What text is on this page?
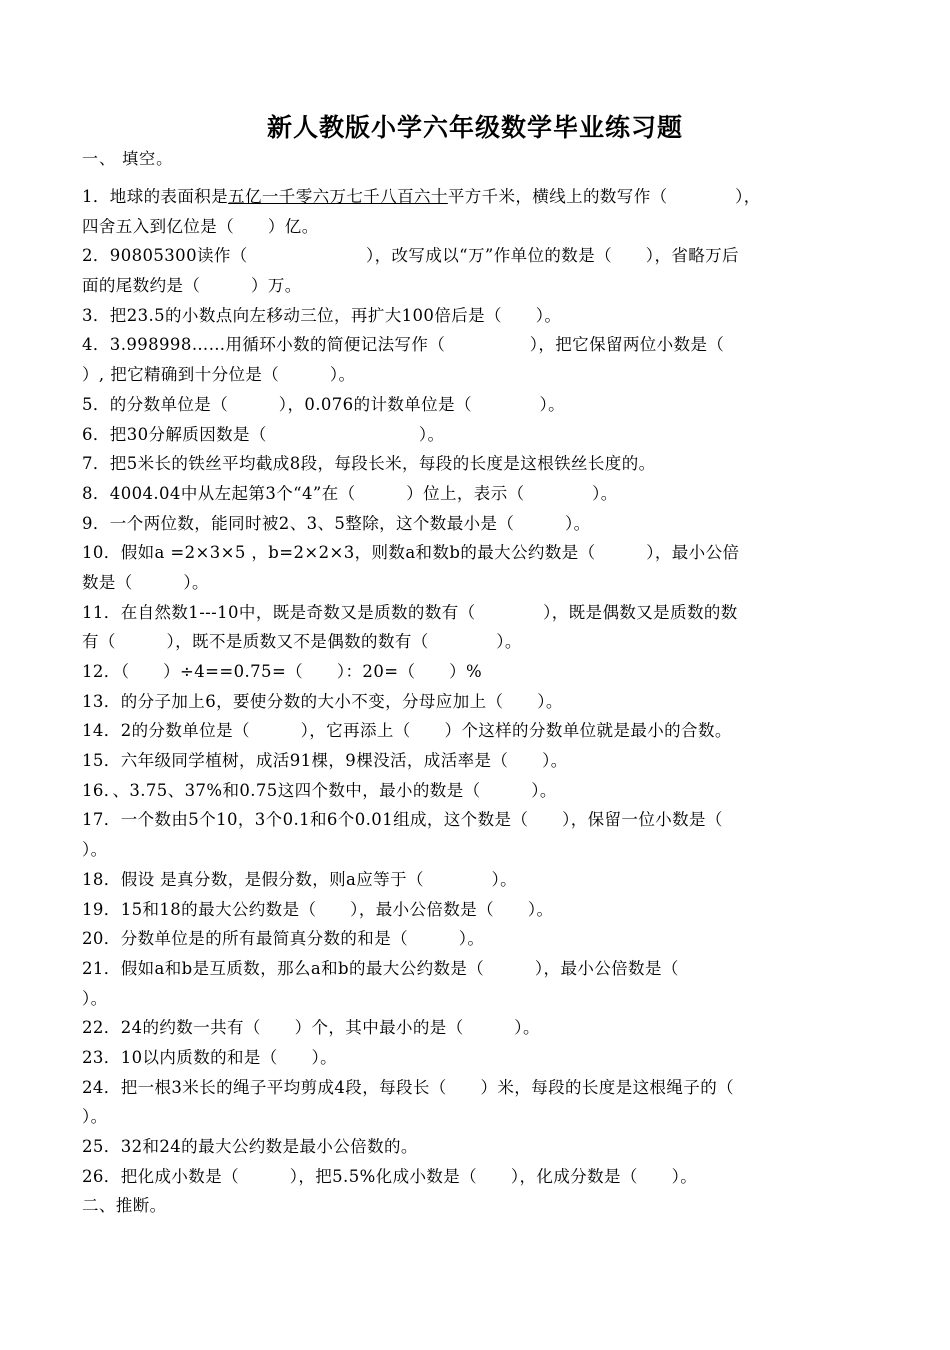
新人教版小学六年级数学毕业练习题
一、 填空。
1．地球的表面积是五亿一千零六万七千八百六十平方千米，横线上的数写作（　　　　），
四舍五入到亿位是（　　）亿。
2．90805300读作（　　　　　　　），改写成以“万”作单位的数是（　　），省略万后
面的尾数约是（　　　）万。
3．把23.5的小数点向左移动三位，再扩大100倍后是（　　）。
4．3.998998……用循环小数的简便记法写作（　　　　　），把它保留两位小数是（
）, 把它精确到十分位是（　　　）。
5．的分数单位是（　　　），0.076的计数单位是（　　　　）。
6．把30分解质因数是（　　　　　　　　　）。
7．把5米长的铁丝平均截成8段，每段长米，每段的长度是这根铁丝长度的。
8．4004.04中从左起第3个“4”在（　　　）位上，表示（　　　　）。
9．一个两位数，能同时被2、3、5整除，这个数最小是（　　　）。
10．假如a =2×3×5 ，b=2×2×3，则数a和数b的最大公约数是（　　　），最小公倍
数是（　　　）。
11．在自然数1---10中，既是奇数又是质数的数有（　　　　），既是偶数又是质数的数
有（　　　），既不是质数又不是偶数的数有（　　　　）。
12．（　　）÷4==0.75=（　　）：20=（　　）%
13．的分子加上6，要使分数的大小不变，分母应加上（　　）。
14．2的分数单位是（　　　），它再添上（　　）个这样的分数单位就是最小的合数。
15．六年级同学植树，成活91棵，9棵没活，成活率是（　　）。
16．、3.75、37%和0.75这四个数中，最小的数是（　　　）。
17．一个数由5个10，3个0.1和6个0.01组成，这个数是（　　），保留一位小数是（
）。
18．假设 是真分数，是假分数，则a应等于（　　　　）。
19．15和18的最大公约数是（　　），最小公倍数是（　　）。
20．分数单位是的所有最简真分数的和是（　　　）。
21．假如a和b是互质数，那么a和b的最大公约数是（　　　），最小公倍数是（
）。
22．24的约数一共有（　　）个，其中最小的是（　　　）。
23．10以内质数的和是（　　）。
24．把一根3米长的绳子平均剪成4段，每段长（　　）米，每段的长度是这根绳子的（
）。
25．32和24的最大公约数是最小公倍数的。
26．把化成小数是（　　　），把5.5%化成小数是（　　），化成分数是（　　）。
二、推断。
